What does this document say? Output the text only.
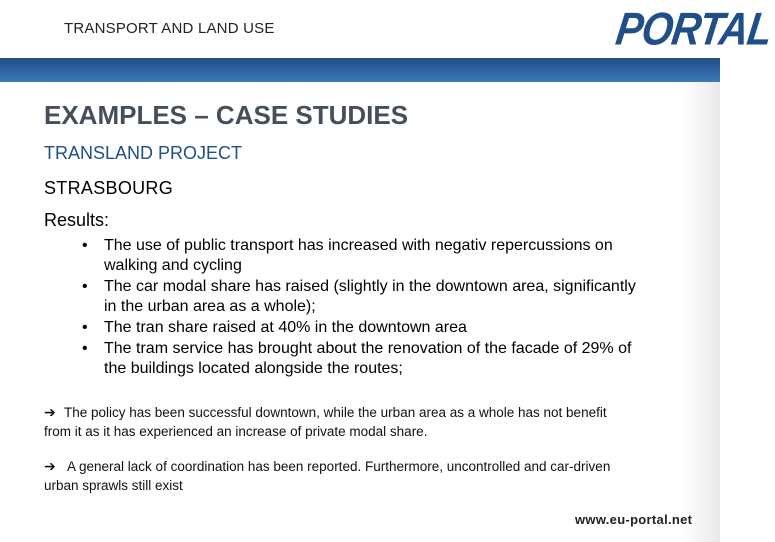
TRANSPORT AND LAND USE	PORTAL
EXAMPLES – CASE STUDIES
TRANSLAND PROJECT
STRASBOURG
Results:
• The use of public transport has increased with negativ repercussions on walking and cycling
• The car modal share has raised (slightly in the downtown area, significantly in the urban area as a whole);
• The tran share raised at 40% in the downtown area
• The tram service has brought about the renovation of the facade of 29% of the buildings located alongside the routes;
➔ The policy has been successful downtown, while the urban area as a whole has not benefit from it as it has experienced an increase of private modal share.
➔ A general lack of coordination has been reported. Furthermore, uncontrolled and car-driven urban sprawls still exist
www.eu-portal.net
